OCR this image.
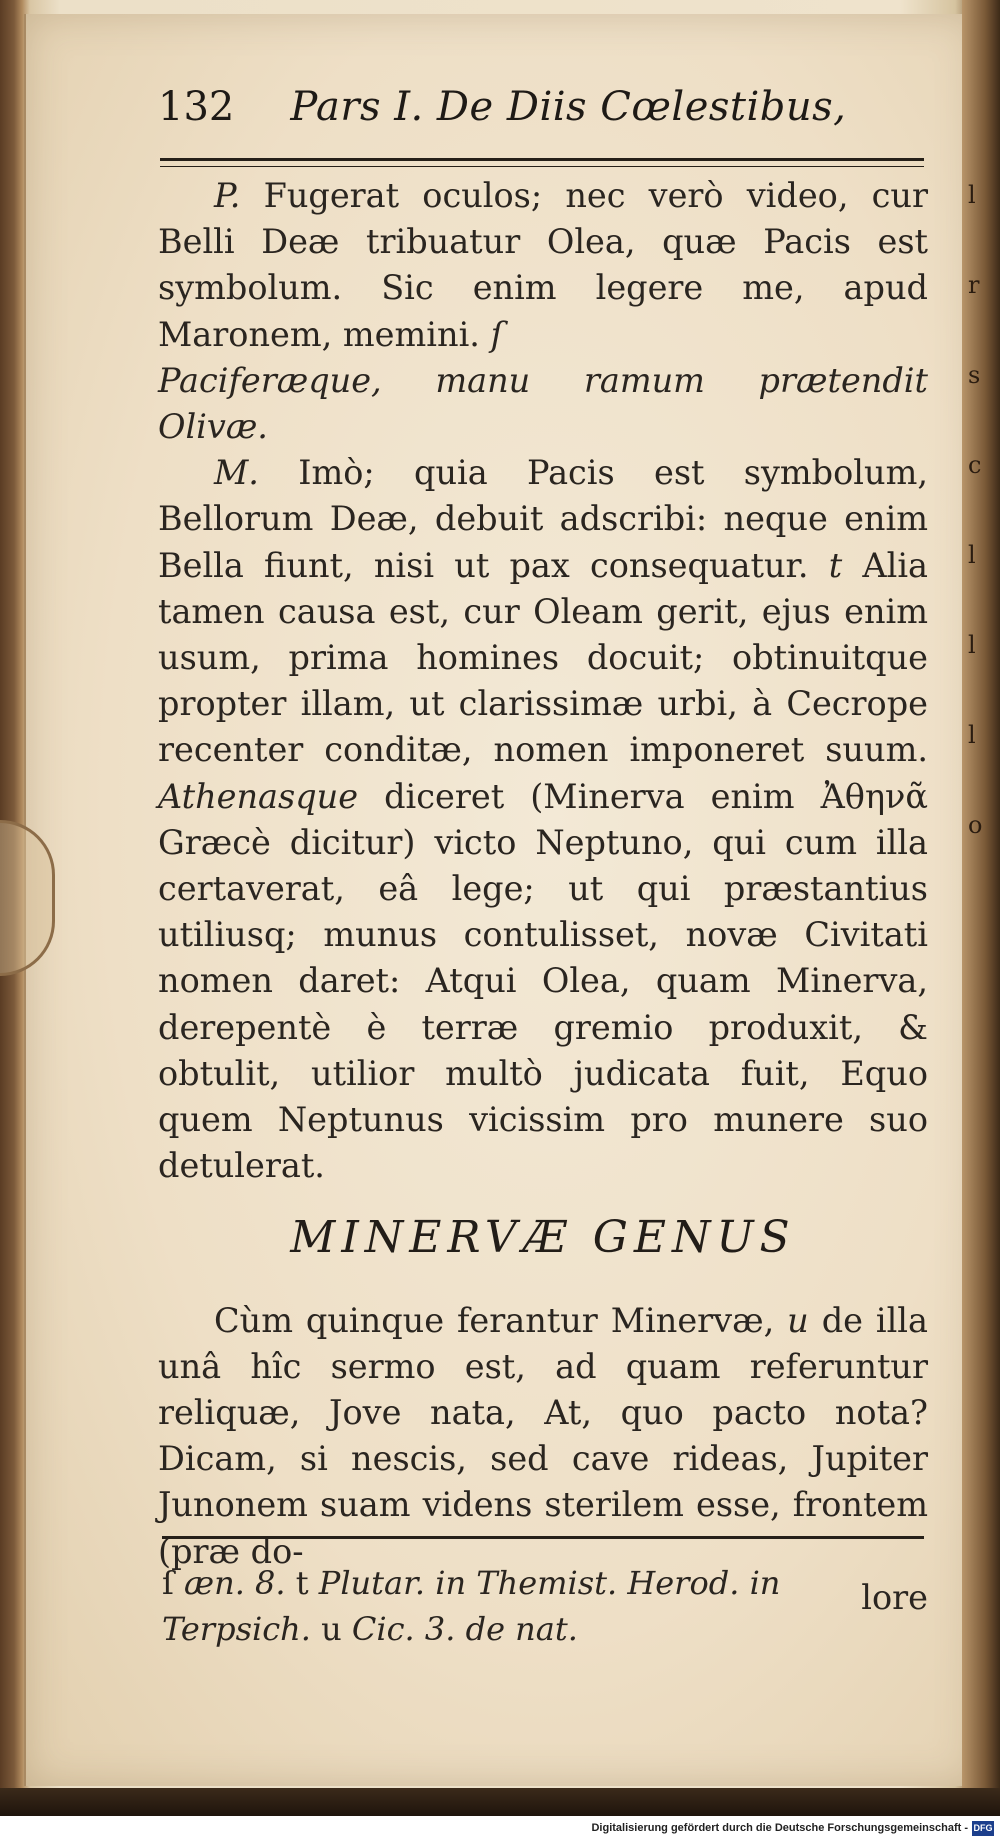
l
r
s
c
l
l
l
o
132 Pars I. De Diis Cœlestibus,

P. Fugerat oculos; nec verò video, cur Belli Deæ tribuatur Olea, quæ Pacis est symbolum. Sic enim legere me, apud Maronem, memini. ſ

Paciferæque, manu ramum prætendit

Olivæ.

M. Imò; quia Pacis est symbolum, Bellorum Deæ, debuit adscribi: neque enim Bella fiunt, nisi ut pax consequatur. t Alia tamen causa est, cur Oleam gerit, ejus enim usum, prima homines docuit; obtinuitque propter illam, ut clarissimæ urbi, à Cecrope recenter conditæ, nomen imponeret suum. Athenasque diceret (Minerva enim Ἀθηνᾶ Græcè dicitur) victo Neptuno, qui cum illa certaverat, eâ lege; ut qui præstantius utiliusq; munus contulisset, novæ Civitati nomen daret: Atqui Olea, quam Minerva, derepentè è terræ gremio produxit, & obtulit, utilior multò judicata fuit, Equo quem Neptunus vicissim pro munere suo detulerat.

MINERVÆ GENUS

Cùm quinque ferantur Minervæ, u de illa unâ hîc sermo est, ad quam referuntur reliquæ, Jove nata, At, quo pacto nota? Dicam, si nescis, sed cave rideas, Jupiter Junonem suam videns sterilem esse, frontem (præ do-

lore

ſ æn. 8. t Plutar. in Themist. Herod. in Terpsich. u Cic. 3. de nat.
Digitalisierung gefördert durch die Deutsche Forschungsgemeinschaft - DFG
